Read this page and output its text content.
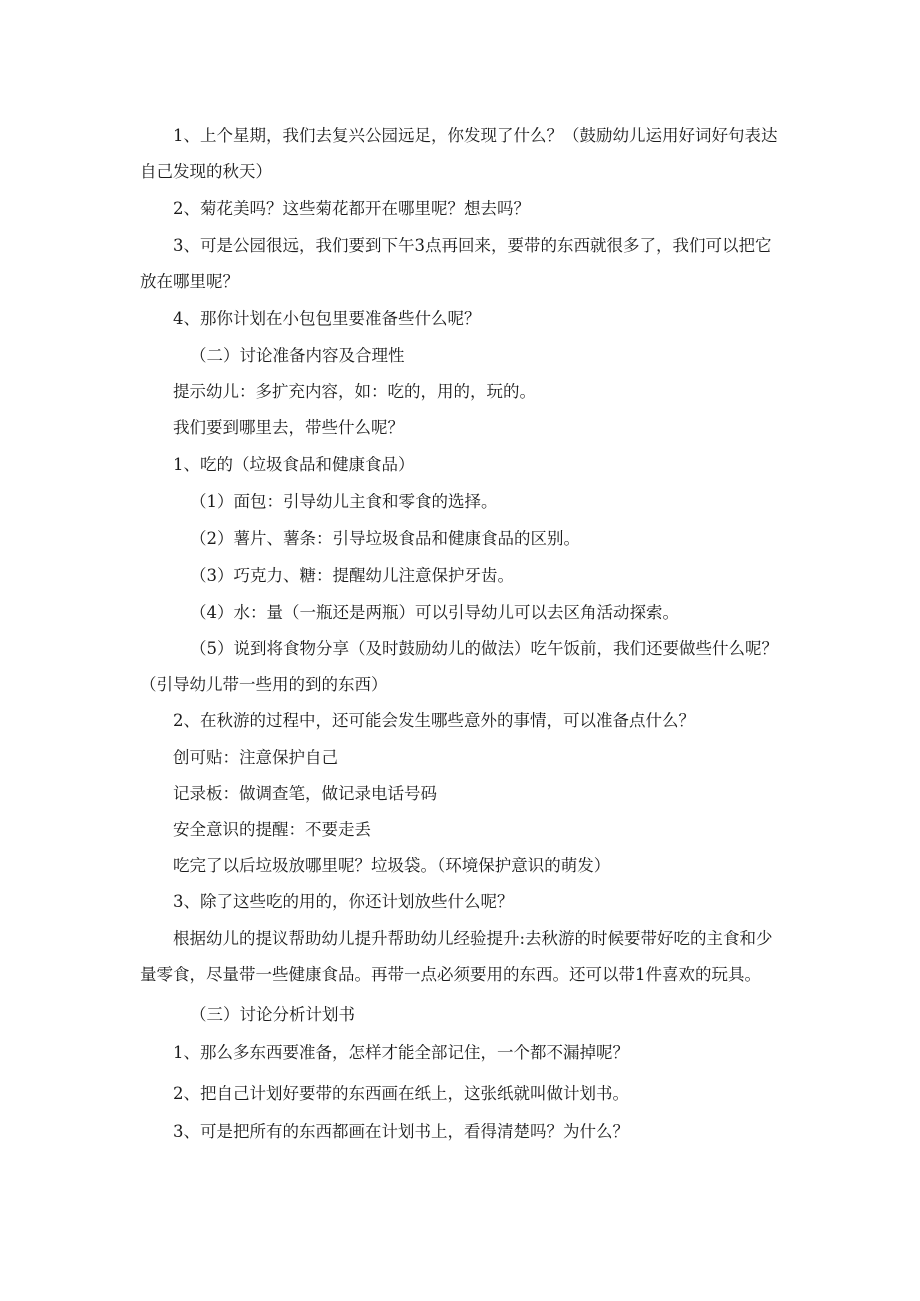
1、上个星期，我们去复兴公园远足，你发现了什么？（鼓励幼儿运用好词好句表达自己发现的秋天）

2、菊花美吗？这些菊花都开在哪里呢？想去吗？

3、可是公园很远，我们要到下午3点再回来，要带的东西就很多了，我们可以把它放在哪里呢？

4、那你计划在小包包里要准备些什么呢？

（二）讨论准备内容及合理性

提示幼儿：多扩充内容，如：吃的，用的，玩的。

我们要到哪里去，带些什么呢？

1、吃的（垃圾食品和健康食品）

（1）面包：引导幼儿主食和零食的选择。

（2）薯片、薯条：引导垃圾食品和健康食品的区别。

（3）巧克力、糖：提醒幼儿注意保护牙齿。

（4）水：量（一瓶还是两瓶）可以引导幼儿可以去区角活动探索。

（5）说到将食物分享（及时鼓励幼儿的做法）吃午饭前，我们还要做些什么呢？（引导幼儿带一些用的到的东西）

2、在秋游的过程中，还可能会发生哪些意外的事情，可以准备点什么？

创可贴：注意保护自己

记录板：做调查笔，做记录电话号码

安全意识的提醒：不要走丢

吃完了以后垃圾放哪里呢？垃圾袋。（环境保护意识的萌发）

3、除了这些吃的用的，你还计划放些什么呢？

根据幼儿的提议帮助幼儿提升帮助幼儿经验提升:去秋游的时候要带好吃的主食和少量零食，尽量带一些健康食品。再带一点必须要用的东西。还可以带1件喜欢的玩具。

（三）讨论分析计划书

1、那么多东西要准备，怎样才能全部记住，一个都不漏掉呢？

2、把自己计划好要带的东西画在纸上，这张纸就叫做计划书。

3、可是把所有的东西都画在计划书上，看得清楚吗？为什么？
